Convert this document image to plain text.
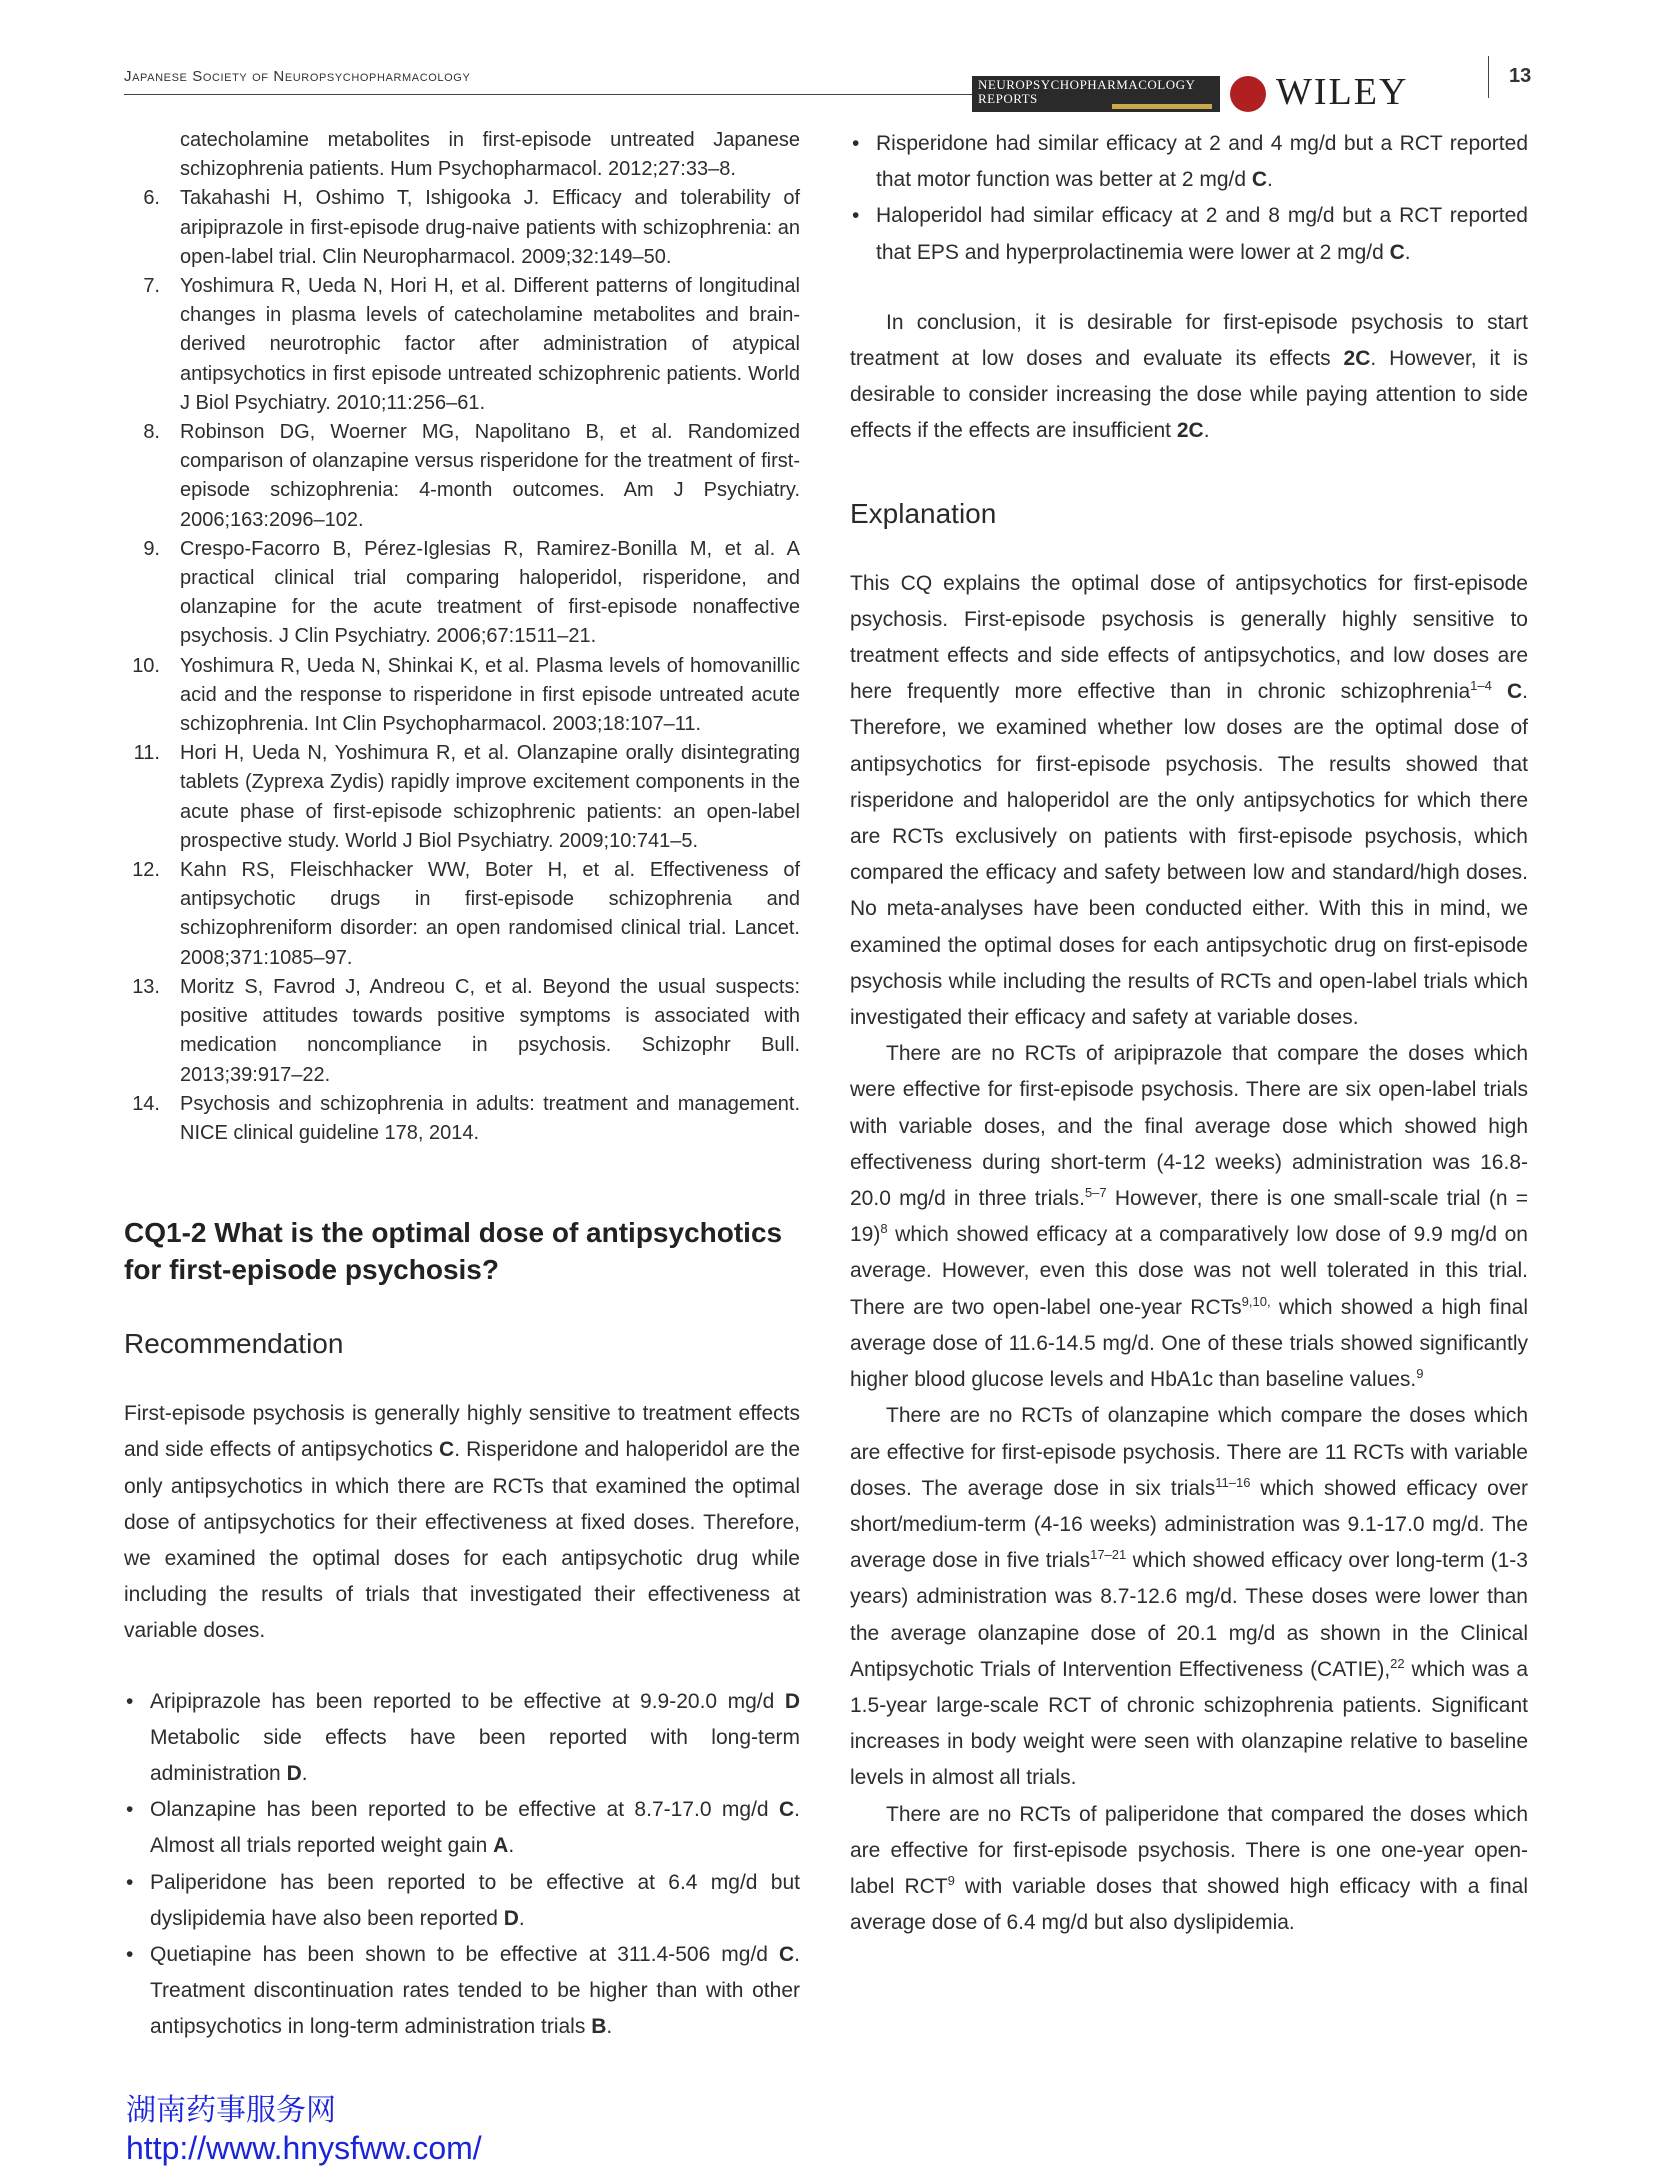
Japanese Society of Neuropsychopharmacology	NEUROPSYCHOPHARMACOLOGY
REPORTS	WILEY	13
catecholamine metabolites in first-episode untreated Japanese schizophrenia patients. Hum Psychopharmacol. 2012;27:33–8.
6.	Takahashi H, Oshimo T, Ishigooka J. Efficacy and tolerability of aripiprazole in first-episode drug-naive patients with schizophrenia: an open-label trial. Clin Neuropharmacol. 2009;32:149–50.
7.	Yoshimura R, Ueda N, Hori H, et al. Different patterns of longitudinal changes in plasma levels of catecholamine metabolites and brain-derived neurotrophic factor after administration of atypical antipsychotics in first episode untreated schizophrenic patients. World J Biol Psychiatry. 2010;11:256–61.
8.	Robinson DG, Woerner MG, Napolitano B, et al. Randomized comparison of olanzapine versus risperidone for the treatment of first-episode schizophrenia: 4-month outcomes. Am J Psychiatry. 2006;163:2096–102.
9.	Crespo-Facorro B, Pérez-Iglesias R, Ramirez-Bonilla M, et al. A practical clinical trial comparing haloperidol, risperidone, and olanzapine for the acute treatment of first-episode nonaffective psychosis. J Clin Psychiatry. 2006;67:1511–21.
10.	Yoshimura R, Ueda N, Shinkai K, et al. Plasma levels of homovanillic acid and the response to risperidone in first episode untreated acute schizophrenia. Int Clin Psychopharmacol. 2003;18:107–11.
11.	Hori H, Ueda N, Yoshimura R, et al. Olanzapine orally disintegrating tablets (Zyprexa Zydis) rapidly improve excitement components in the acute phase of first-episode schizophrenic patients: an open-label prospective study. World J Biol Psychiatry. 2009;10:741–5.
12.	Kahn RS, Fleischhacker WW, Boter H, et al. Effectiveness of antipsychotic drugs in first-episode schizophrenia and schizophreniform disorder: an open randomised clinical trial. Lancet. 2008;371:1085–97.
13.	Moritz S, Favrod J, Andreou C, et al. Beyond the usual suspects: positive attitudes towards positive symptoms is associated with medication noncompliance in psychosis. Schizophr Bull. 2013;39:917–22.
14.	Psychosis and schizophrenia in adults: treatment and management. NICE clinical guideline 178, 2014.
CQ1-2 What is the optimal dose of antipsychotics for first-episode psychosis?
Recommendation

First-episode psychosis is generally highly sensitive to treatment effects and side effects of antipsychotics C. Risperidone and haloperidol are the only antipsychotics in which there are RCTs that examined the optimal dose of antipsychotics for their effectiveness at fixed doses. Therefore, we examined the optimal doses for each antipsychotic drug while including the results of trials that investigated their effectiveness at variable doses.

• Aripiprazole has been reported to be effective at 9.9-20.0 mg/d D Metabolic side effects have been reported with long-term administration D.
• Olanzapine has been reported to be effective at 8.7-17.0 mg/d C. Almost all trials reported weight gain A.
• Paliperidone has been reported to be effective at 6.4 mg/d but dyslipidemia have also been reported D.
• Quetiapine has been shown to be effective at 311.4-506 mg/d C. Treatment discontinuation rates tended to be higher than with other antipsychotics in long-term administration trials B.
• Risperidone had similar efficacy at 2 and 4 mg/d but a RCT reported that motor function was better at 2 mg/d C.
• Haloperidol had similar efficacy at 2 and 8 mg/d but a RCT reported that EPS and hyperprolactinemia were lower at 2 mg/d C.

In conclusion, it is desirable for first-episode psychosis to start treatment at low doses and evaluate its effects 2C. However, it is desirable to consider increasing the dose while paying attention to side effects if the effects are insufficient 2C.

Explanation

This CQ explains the optimal dose of antipsychotics for first-episode psychosis. First-episode psychosis is generally highly sensitive to treatment effects and side effects of antipsychotics, and low doses are here frequently more effective than in chronic schizophrenia$^{1-4}$ C. Therefore, we examined whether low doses are the optimal dose of antipsychotics for first-episode psychosis. The results showed that risperidone and haloperidol are the only antipsychotics for which there are RCTs exclusively on patients with first-episode psychosis, which compared the efficacy and safety between low and standard/high doses. No meta-analyses have been conducted either. With this in mind, we examined the optimal doses for each antipsychotic drug on first-episode psychosis while including the results of RCTs and open-label trials which investigated their efficacy and safety at variable doses.

There are no RCTs of aripiprazole that compare the doses which were effective for first-episode psychosis. There are six open-label trials with variable doses, and the final average dose which showed high effectiveness during short-term (4-12 weeks) administration was 16.8-20.0 mg/d in three trials.$^{5-7}$ However, there is one small-scale trial (n = 19)$^8$ which showed efficacy at a comparatively low dose of 9.9 mg/d on average. However, even this dose was not well tolerated in this trial. There are two open-label one-year RCTs$^{9,10,}$ which showed a high final average dose of 11.6-14.5 mg/d. One of these trials showed significantly higher blood glucose levels and HbA1c than baseline values.$^9$

There are no RCTs of olanzapine which compare the doses which are effective for first-episode psychosis. There are 11 RCTs with variable doses. The average dose in six trials$^{11-16}$ which showed efficacy over short/medium-term (4-16 weeks) administration was 9.1-17.0 mg/d. The average dose in five trials$^{17-21}$ which showed efficacy over long-term (1-3 years) administration was 8.7-12.6 mg/d. These doses were lower than the average olanzapine dose of 20.1 mg/d as shown in the Clinical Antipsychotic Trials of Intervention Effectiveness (CATIE),$^{22}$ which was a 1.5-year large-scale RCT of chronic schizophrenia patients. Significant increases in body weight were seen with olanzapine relative to baseline levels in almost all trials.

There are no RCTs of paliperidone that compared the doses which are effective for first-episode psychosis. There is one one-year open-label RCT$^9$ with variable doses that showed high efficacy with a final average dose of 6.4 mg/d but also dyslipidemia.

湖南药事服务网
http://www.hnysfww.com/
